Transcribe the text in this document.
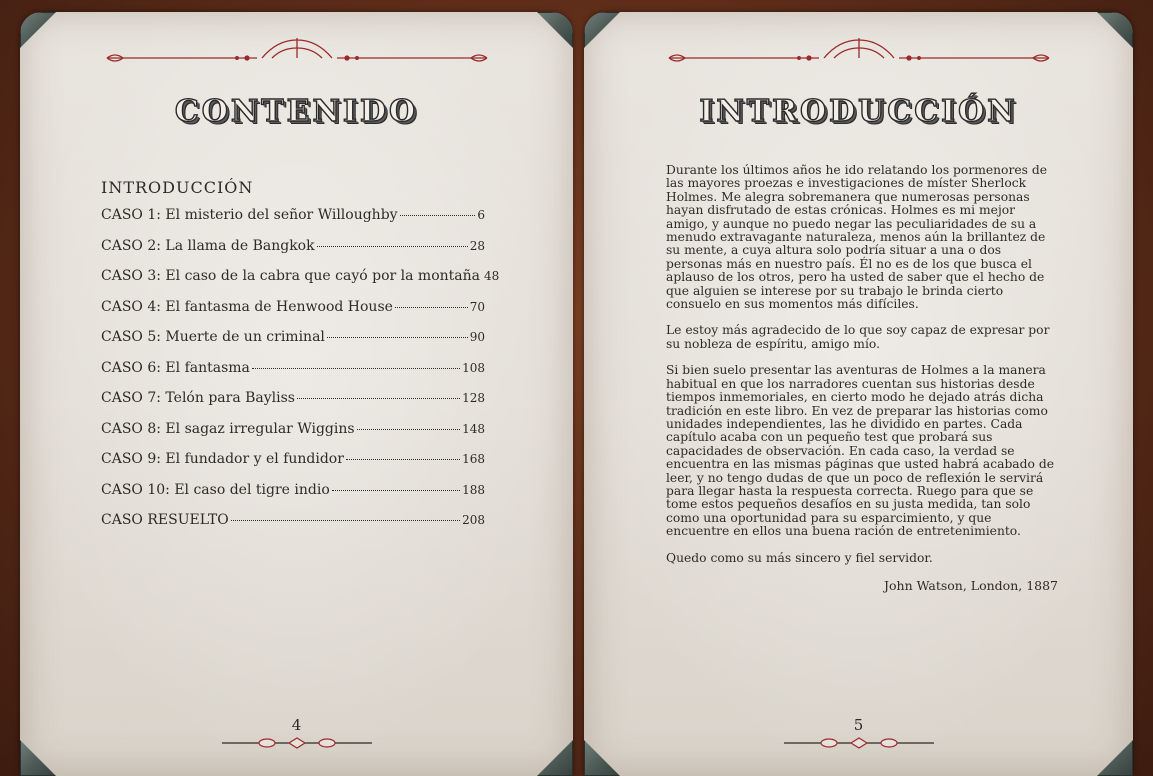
CONTENIDO
INTRODUCCIÓN
CASO 1: El misterio del señor Willoughby	6
CASO 2: La llama de Bangkok	28
CASO 3: El caso de la cabra que cayó por la montaña 48
CASO 4: El fantasma de Henwood House	70
CASO 5: Muerte de un criminal	90
CASO 6: El fantasma	108
CASO 7: Telón para Bayliss	128
CASO 8: El sagaz irregular Wiggins	148
CASO 9: El fundador y el fundidor	168
CASO 10: El caso del tigre indio	188
CASO RESUELTO	208
4
INTRODUCCIÓN

Durante los últimos años he ido relatando los pormenores de las mayores proezas e investigaciones de míster Sherlock Holmes. Me alegra sobremanera que numerosas personas hayan disfrutado de estas crónicas. Holmes es mi mejor amigo, y aunque no puedo negar las peculiaridades de su a menudo extravagante naturaleza, menos aún la brillantez de su mente, a cuya altura solo podría situar a una o dos personas más en nuestro país. Él no es de los que busca el aplauso de los otros, pero ha usted de saber que el hecho de que alguien se interese por su trabajo le brinda cierto consuelo en sus momentos más difíciles.

Le estoy más agradecido de lo que soy capaz de expresar por su nobleza de espíritu, amigo mío.

Si bien suelo presentar las aventuras de Holmes a la manera habitual en que los narradores cuentan sus historias desde tiempos inmemoriales, en cierto modo he dejado atrás dicha tradición en este libro. En vez de preparar las historias como unidades independientes, las he dividido en partes. Cada capítulo acaba con un pequeño test que probará sus capacidades de observación. En cada caso, la verdad se encuentra en las mismas páginas que usted habrá acabado de leer, y no tengo dudas de que un poco de reflexión le servirá para llegar hasta la respuesta correcta. Ruego para que se tome estos pequeños desafíos en su justa medida, tan solo como una oportunidad para su esparcimiento, y que encuentre en ellos una buena ración de entretenimiento.

Quedo como su más sincero y fiel servidor.

John Watson, London, 1887
5
